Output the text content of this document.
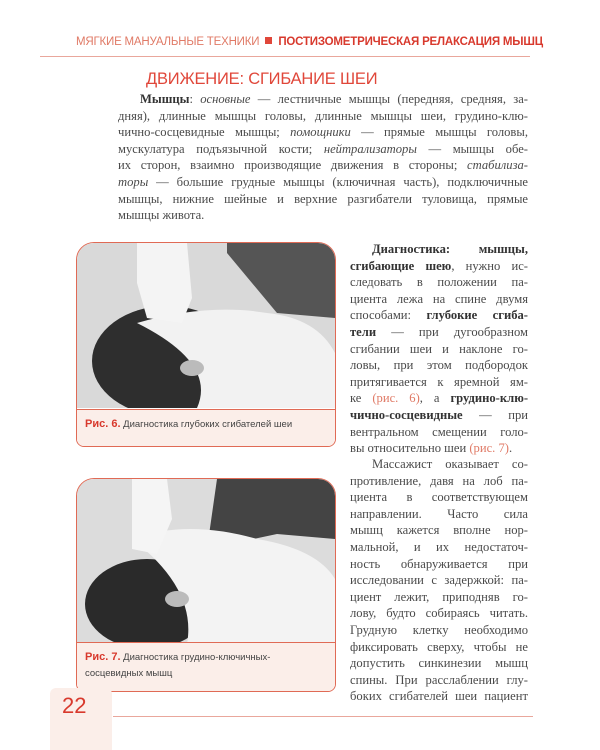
МЯГКИЕ МАНУАЛЬНЫЕ ТЕХНИКИ ПОСТИЗОМЕТРИЧЕСКАЯ РЕЛАКСАЦИЯ МЫШЦ
ДВИЖЕНИЕ: СГИБАНИЕ ШЕИ
Мышцы: основные — лестничные мышцы (передняя, средняя, за-
дняя), длинные мышцы головы, длинные мышцы шеи, грудино-клю-
чично-сосцевидные мышцы; помощники — прямые мышцы головы,
мускулатура подъязычной кости; нейтрализаторы — мышцы обе-
их сторон, взаимно производящие движения в стороны; стабилиза-
торы — большие грудные мышцы (ключичная часть), подключичные
мышцы, нижние шейные и верхние разгибатели туловища, прямые
мышцы живота.
Диагностика: мышцы,
сгибающие шею, нужно ис-
следовать в положении па-
циента лежа на спине двумя
способами: глубокие сгиба-
тели — при дугообразном
сгибании шеи и наклоне го-
ловы, при этом подбородок
притягивается к яремной ям-
ке (рис. 6), а грудино-клю-
чично-сосцевидные — при
вентральном смещении голо-
вы относительно шеи (рис. 7).
Массажист оказывает со-
противление, давя на лоб па-
циента в соответствующем
направлении. Часто сила
мышц кажется вполне нор-
мальной, и их недостаточ-
ность обнаруживается при
исследовании с задержкой: па-
циент лежит, приподняв го-
лову, будто собираясь читать.
Грудную клетку необходимо
фиксировать сверху, чтобы не
допустить синкинезии мышц
спины. При расслаблении глу-
боких сгибателей шеи пациент
Рис. 6. Диагностика глубоких сгибателей шеи
Рис. 7. Диагностика грудино-ключичных-сосцевидных мышц
22
